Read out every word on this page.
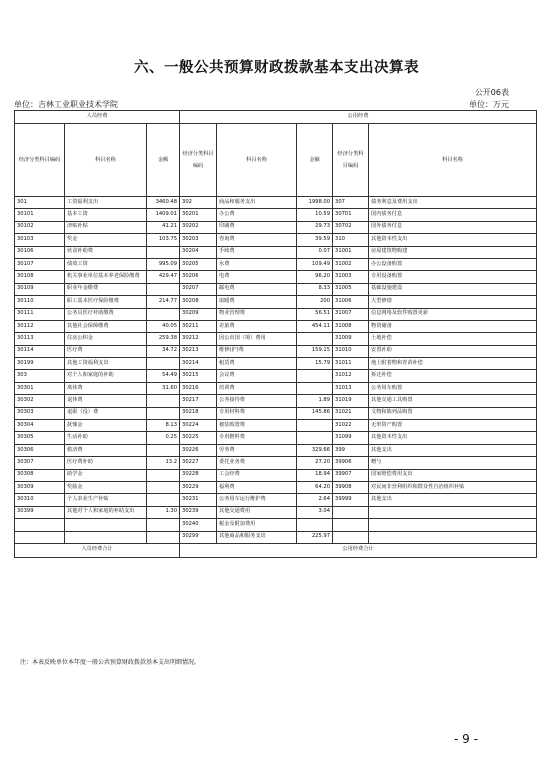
六、一般公共预算财政拨款基本支出决算表
公开06表
单位：吉林工业职业技术学院	单位：万元
人员经费			公用经费				
经济分类科目编码	科目名称	金额	经济分类科目编码	科目名称	金额	经济分类科目编码	科目名称
301	工资福利支出	3460.48	302	商品和服务支出	1998.00	307	债务利息及费用支出
30101	基本工资	1409.01	30201	办公费	10.59	30701	国内债务付息
30102	津贴补贴	41.21	30202	印刷费	29.73	30702	国外债务付息
30103	奖金	103.75	30203	咨询费	39.59	310	其他资本性支出
30106	伙食补助费		30204	手续费	0.07	31001	房屋建筑物购建
30107	绩效工资	995.09	30205	水费	109.49	31002	办公设备购置
30108	机关事业单位基本养老保险缴费	429.47	30206	电费	96.20	31003	专用设备购置
30109	职业年金缴费		30207	邮电费	8.33	31005	基础设施建设
30110	职工基本医疗保险缴费	214.77	30208	取暖费	200	31006	大型修缮
30111	公务员医疗补助缴费		30209	物业管理费	56.51	31007	信息网络及软件购置更新
30112	其他社会保障缴费	40.05	30211	差旅费	454.11	31008	物资储备
30113	住房公积金	259.38	30212	因公出国（境）费用		31009	土地补偿
30114	医疗费	34.72	30213	维修(护)费	159.15	31010	安置补助
30199	其他工资福利支出		30214	租赁费	15.79	31011	地上附着物和青苗补偿
303	对个人和家庭的补助	54.49	30215	会议费		31012	拆迁补偿
30301	离休费	31.60	30216	培训费		31013	公务用车购置
30302	退休费		30217	公务接待费	1.89	31019	其他交通工具购置
30303	退职（役）费		30218	专用材料费	145.86	31021	文物和陈列品购置
30304	抚恤金	8.13	30224	被装购置费		31022	无形资产购置
30305	生活补助	0.25	30225	专用燃料费		31099	其他资本性支出
30306	救济费		30226	劳务费	329.66	399	其他支出
30307	医疗费补助	13.2	30227	委托业务费	27.20	39906	赠与
30308	助学金		30228	工会经费	18.94	39907	国家赔偿费用支出
30309	奖励金		30229	福利费	64.20	39908	对民间非营利组织和群众性自治组织补贴
30310	个人农业生产补贴		30231	公务用车运行维护费	2.64	39999	其他支出
30399	其他对个人和家庭的补助支出	1.30	30239	其他交通费用	3.04		
			30240	税金及附加费用			
			30299	其他商品和服务支出	225.97		
人员经费合计			公用经费合计				
注：本表反映单位本年度一般公共预算财政拨款基本支出明细情况。
- 9 -
